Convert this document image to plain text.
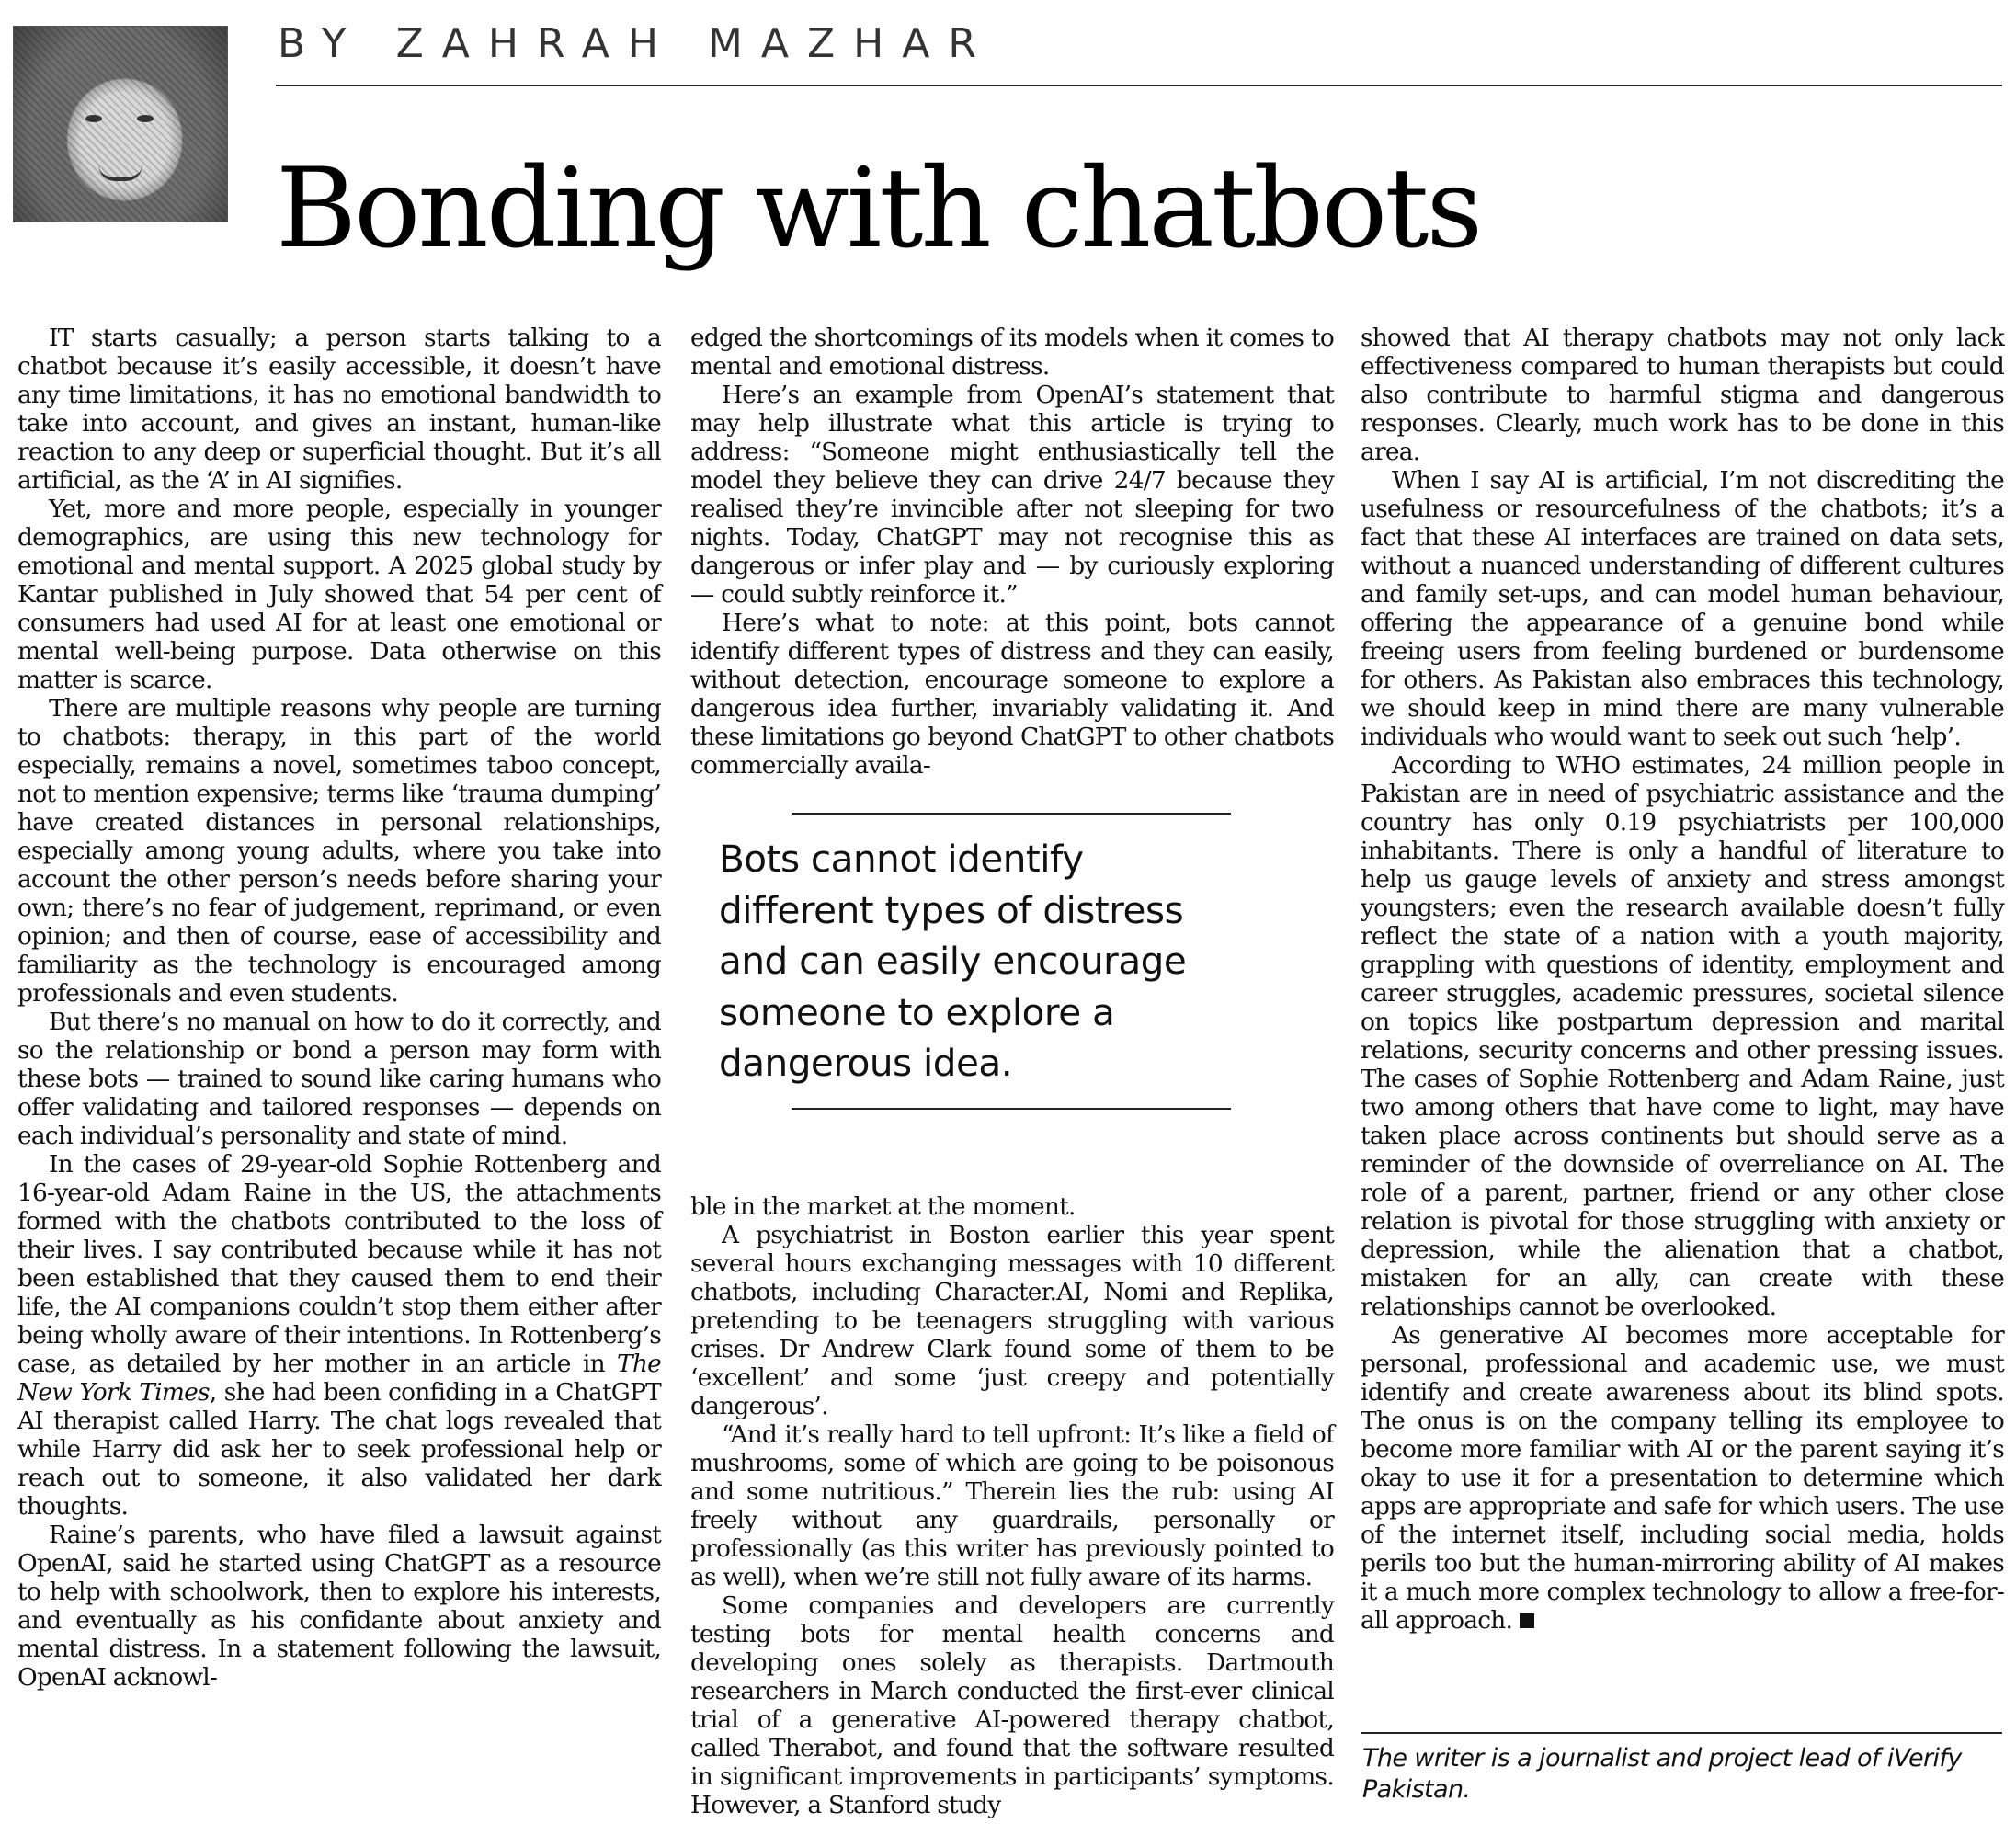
BY ZAHRAH MAZHAR
Bonding with chatbots

IT starts casually; a person starts talking to a chatbot because it’s easily accessible, it doesn’t have any time limitations, it has no emotional bandwidth to take into account, and gives an instant, human-like reaction to any deep or superficial thought. But it’s all artificial, as the ‘A’ in AI signifies.

Yet, more and more people, especially in younger demographics, are using this new technology for emotional and mental support. A 2025 global study by Kantar published in July showed that 54 per cent of consumers had used AI for at least one emotional or mental well-being purpose. Data otherwise on this matter is scarce.

There are multiple reasons why people are turning to chatbots: therapy, in this part of the world especially, remains a novel, sometimes taboo concept, not to mention expensive; terms like ‘trauma dumping’ have created distances in personal relationships, especially among young adults, where you take into account the other person’s needs before sharing your own; there’s no fear of judgement, reprimand, or even opinion; and then of course, ease of accessibility and familiarity as the technology is encouraged among professionals and even students.

But there’s no manual on how to do it correctly, and so the relationship or bond a person may form with these bots — trained to sound like caring humans who offer validating and tailored responses — depends on each individual’s personality and state of mind.

In the cases of 29-year-old Sophie Rottenberg and 16-year-old Adam Raine in the US, the attachments formed with the chatbots contributed to the loss of their lives. I say contributed because while it has not been established that they caused them to end their life, the AI companions couldn’t stop them either after being wholly aware of their intentions. In Rottenberg’s case, as detailed by her mother in an article in The New York Times, she had been confiding in a ChatGPT AI therapist called Harry. The chat logs revealed that while Harry did ask her to seek professional help or reach out to someone, it also validated her dark thoughts.

Raine’s parents, who have filed a lawsuit against OpenAI, said he started using ChatGPT as a resource to help with schoolwork, then to explore his interests, and eventually as his confidante about anxiety and mental distress. In a statement following the lawsuit, OpenAI acknowl-

edged the shortcomings of its models when it comes to mental and emotional distress.

Here’s an example from OpenAI’s statement that may help illustrate what this article is trying to address: “Someone might enthusiastically tell the model they believe they can drive 24/7 because they realised they’re invincible after not sleeping for two nights. Today, ChatGPT may not recognise this as dangerous or infer play and — by curiously exploring — could subtly reinforce it.”

Here’s what to note: at this point, bots cannot identify different types of distress and they can easily, without detection, encourage someone to explore a dangerous idea further, invariably validating it. And these limitations go beyond ChatGPT to other chatbots commercially availa-

ble in the market at the moment.

A psychiatrist in Boston earlier this year spent several hours exchanging messages with 10 different chatbots, including Character.AI, Nomi and Replika, pretending to be teenagers struggling with various crises. Dr Andrew Clark found some of them to be ‘excellent’ and some ‘just creepy and potentially dangerous’.

“And it’s really hard to tell upfront: It’s like a field of mushrooms, some of which are going to be poisonous and some nutritious.” Therein lies the rub: using AI freely without any guardrails, personally or professionally (as this writer has previously pointed to as well), when we’re still not fully aware of its harms.

Some companies and developers are currently testing bots for mental health concerns and developing ones solely as therapists. Dartmouth researchers in March conducted the first-ever clinical trial of a generative AI-powered therapy chatbot, called Therabot, and found that the software resulted in significant improvements in participants’ symptoms. However, a Stanford study

Bots cannot identify different types of distress and can easily encourage someone to explore a dangerous idea.

showed that AI therapy chatbots may not only lack effectiveness compared to human therapists but could also contribute to harmful stigma and dangerous responses. Clearly, much work has to be done in this area.

When I say AI is artificial, I’m not discrediting the usefulness or resourcefulness of the chatbots; it’s a fact that these AI interfaces are trained on data sets, without a nuanced understanding of different cultures and family set-ups, and can model human behaviour, offering the appearance of a genuine bond while freeing users from feeling burdened or burdensome for others. As Pakistan also embraces this technology, we should keep in mind there are many vulnerable individuals who would want to seek out such ‘help’.

According to WHO estimates, 24 million people in Pakistan are in need of psychiatric assistance and the country has only 0.19 psychiatrists per 100,000 inhabitants. There is only a handful of literature to help us gauge levels of anxiety and stress amongst youngsters; even the research available doesn’t fully reflect the state of a nation with a youth majority, grappling with questions of identity, employment and career struggles, academic pressures, societal silence on topics like postpartum depression and marital relations, security concerns and other pressing issues. The cases of Sophie Rottenberg and Adam Raine, just two among others that have come to light, may have taken place across continents but should serve as a reminder of the downside of overreliance on AI. The role of a parent, partner, friend or any other close relation is pivotal for those struggling with anxiety or depression, while the alienation that a chatbot, mistaken for an ally, can create with these relationships cannot be overlooked.

As generative AI becomes more acceptable for personal, professional and academic use, we must identify and create awareness about its blind spots. The onus is on the company telling its employee to become more familiar with AI or the parent saying it’s okay to use it for a presentation to determine which apps are appropriate and safe for which users. The use of the internet itself, including social media, holds perils too but the human-mirroring ability of AI makes it a much more complex technology to allow a free-for-all approach.

The writer is a journalist and project lead of iVerify Pakistan.
